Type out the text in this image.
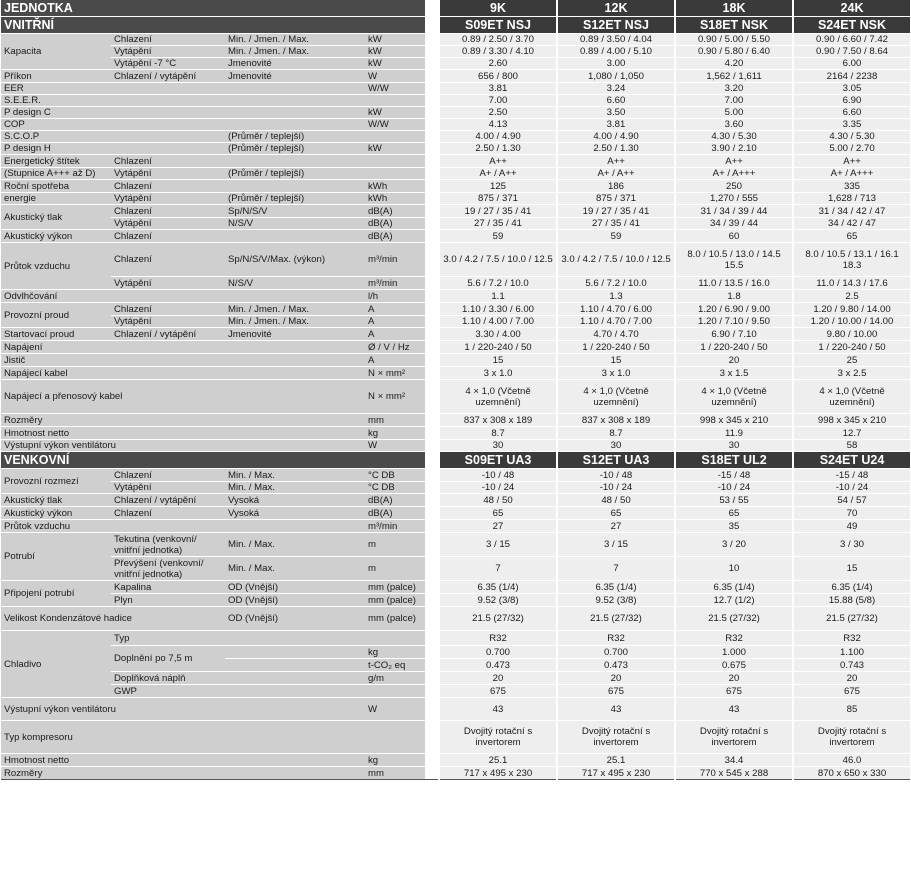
JEDNOTKA					9K	12K	18K	24K
VNITŘNÍ					S09ET NSJ	S12ET NSJ	S18ET NSK	S24ET NSK
Kapacita	Chlazení	Min. / Jmen. / Max.	kW		0.89 / 2.50 / 3.70	0.89 / 3.50 / 4.04	0.90 / 5.00 / 5.50	0.90 / 6.60 / 7.42
	Vytápění	Min. / Jmen. / Max.	kW		0.89 / 3.30 / 4.10	0.89 / 4.00 / 5.10	0.90 / 5.80 / 6.40	0.90 / 7.50 / 8.64
	Vytápění -7 °C	Jmenovité	kW		2.60	3.00	4.20	6.00
Příkon	Chlazení / vytápění	Jmenovité	W		656 / 800	1,080 / 1,050	1,562 / 1,611	2164 / 2238
EER			W/W		3.81	3.24	3.20	3.05
S.E.E.R.					7.00	6.60	7.00	6.90
P design C			kW		2.50	3.50	5.00	6.60
COP			W/W		4.13	3.81	3.60	3.35
S.C.O.P		(Průměr / teplejší)			4.00 / 4.90	4.00 / 4.90	4.30 / 5.30	4.30 / 5.30
P design H		(Průměr / teplejší)	kW		2.50 / 1.30	2.50 / 1.30	3.90 / 2.10	5.00 / 2.70
Energetický štítek	Chlazení				A++	A++	A++	A++
(Stupnice A+++ až D)	Vytápění	(Průměr / teplejší)			A+ / A++	A+ / A++	A+ / A+++	A+ / A+++
Roční spotřeba	Chlazení		kWh		125	186	250	335
energie	Vytápění	(Průměr / teplejší)	kWh		875 / 371	875 / 371	1,270 / 555	1,628 / 713
Akustický tlak	Chlazení	Sp/N/S/V	dB(A)		19 / 27 / 35 / 41	19 / 27 / 35 / 41	31 / 34 / 39 / 44	31 / 34 / 42 / 47
	Vytápění	N/S/V	dB(A)		27 / 35 / 41	27 / 35 / 41	34 / 39 / 44	34 / 42 / 47
Akustický výkon	Chlazení		dB(A)		59	59	60	65
Průtok vzduchu	Chlazení	Sp/N/S/V/Max. (výkon)	m³/min		3.0 / 4.2 / 7.5 / 10.0 / 12.5	3.0 / 4.2 / 7.5 / 10.0 / 12.5	8.0 / 10.5 / 13.0 / 14.5 15.5	8.0 / 10.5 / 13.1 / 16.1 18.3
	Vytápění	N/S/V	m³/min		5.6 / 7.2 / 10.0	5.6 / 7.2 / 10.0	11.0 / 13.5 / 16.0	11.0 / 14.3 / 17.6
Odvlhčování			l/h		1.1	1.3	1.8	2.5
Provozní proud	Chlazení	Min. / Jmen. / Max.	A		1.10 / 3.30 / 6.00	1.10 / 4.70 / 6.00	1.20 / 6.90 / 9.00	1.20 / 9.80 / 14.00
	Vytápění	Min. / Jmen. / Max.	A		1.10 / 4.00 / 7.00	1.10 / 4.70 / 7.00	1.20 / 7.10 / 9.50	1.20 / 10.00 / 14.00
Startovací proud	Chlazení / vytápění	Jmenovité	A		3.30 / 4.00	4.70 / 4.70	6.90 / 7.10	9.80 / 10.00
Napájení			Ø / V / Hz		1 / 220-240 / 50	1 / 220-240 / 50	1 / 220-240 / 50	1 / 220-240 / 50
Jistič			A		15	15	20	25
Napájecí kabel			N × mm²		3 x 1.0	3 x 1.0	3 x 1.5	3 x 2.5
Napájecí a přenosový kabel			N × mm²		4 × 1,0 (Včetně uzemnění)	4 × 1,0 (Včetně uzemnění)	4 × 1,0 (Včetně uzemnění)	4 × 1,0 (Včetně uzemnění)
Rozměry			mm		837 x 308 x 189	837 x 308 x 189	998 x 345 x 210	998 x 345 x 210
Hmotnost netto			kg		8.7	8.7	11.9	12.7
Výstupní výkon ventilátoru			W		30	30	30	58
VENKOVNÍ					S09ET UA3	S12ET UA3	S18ET UL2	S24ET U24
Provozní rozmezí	Chlazení	Min. / Max.	°C DB		-10 / 48	-10 / 48	-15 / 48	-15 / 48
	Vytápění	Min. / Max.	°C DB		-10 / 24	-10 / 24	-10 / 24	-10 / 24
Akustický tlak	Chlazení / vytápění	Vysoká	dB(A)		48 / 50	48 / 50	53 / 55	54 / 57
Akustický výkon	Chlazení	Vysoká	dB(A)		65	65	65	70
Průtok vzduchu			m³/min		27	27	35	49
Potrubí	Tekutina (venkovní/ vnitřní jednotka)	Min. / Max.	m		3 / 15	3 / 15	3 / 20	3 / 30
	Převýšení (venkovní/ vnitřní jednotka)	Min. / Max.	m		7	7	10	15
Připojení potrubí	Kapalina	OD (Vnější)	mm (palce)		6.35 (1/4)	6.35 (1/4)	6.35 (1/4)	6.35 (1/4)
	Plyn	OD (Vnější)	mm (palce)		9.52 (3/8)	9.52 (3/8)	12.7 (1/2)	15.88 (5/8)
Velikost Kondenzátové hadice		OD (Vnější)	mm (palce)		21.5 (27/32)	21.5 (27/32)	21.5 (27/32)	21.5 (27/32)
Chladivo	Typ				R32	R32	R32	R32
	Doplnění po 7,5 m		kg		0.700	0.700	1.000	1.100
			t-CO₂ eq		0.473	0.473	0.675	0.743
	Doplňková náplň		g/m		20	20	20	20
	GWP				675	675	675	675
Výstupní výkon ventilátoru			W		43	43	43	85
Typ kompresoru					Dvojitý rotační s invertorem	Dvojitý rotační s invertorem	Dvojitý rotační s invertorem	Dvojitý rotační s invertorem
Hmotnost netto			kg		25.1	25.1	34.4	46.0
Rozměry			mm		717 x 495 x 230	717 x 495 x 230	770 x 545 x 288	870 x 650 x 330
